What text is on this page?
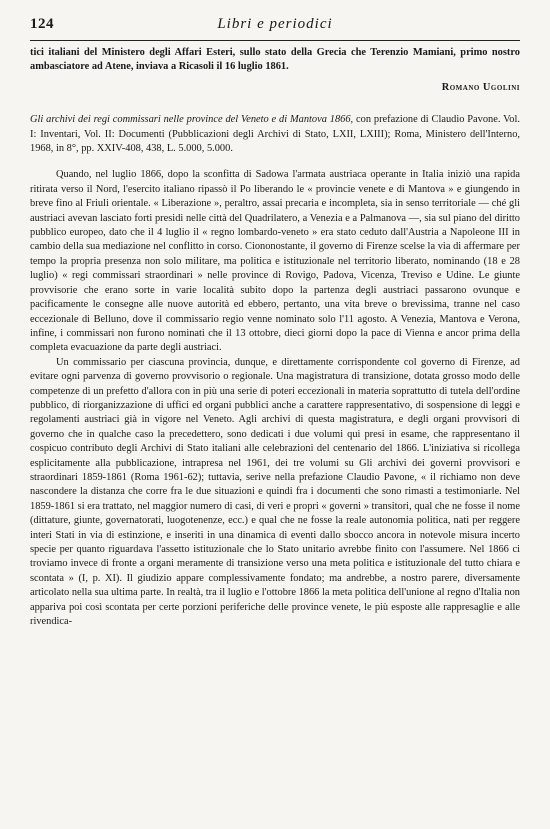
124	Libri e periodici

tici italiani del Ministero degli Affari Esteri, sullo stato della Grecia che Terenzio Mamiani, primo nostro ambasciatore ad Atene, inviava a Ricasoli il 16 luglio 1861.

Romano Ugolini

Gli archivi dei regi commissari nelle province del Veneto e di Mantova 1866, con prefazione di Claudio Pavone. Vol. I: Inventari, Vol. II: Documenti (Pubblicazioni degli Archivi di Stato, LXII, LXIII); Roma, Ministero dell'Interno, 1968, in 8°, pp. XXIV-408, 438, L. 5.000, 5.000.

Quando, nel luglio 1866, dopo la sconfitta di Sadowa l'armata austriaca operante in Italia iniziò una rapida ritirata verso il Nord, l'esercito italiano ripassò il Po liberando le « provincie venete e di Mantova » e giungendo in breve fino al Friuli orientale. « Liberazione », peraltro, assai precaria e incompleta, sia in senso territoriale — ché gli austriaci avevan lasciato forti presidi nelle città del Quadrilatero, a Venezia e a Palmanova —, sia sul piano del diritto pubblico europeo, dato che il 4 luglio il « regno lombardo-veneto » era stato ceduto dall'Austria a Napoleone III in cambio della sua mediazione nel conflitto in corso. Ciononostante, il governo di Firenze scelse la via di affermare per tempo la propria presenza non solo militare, ma politica e istituzionale nel territorio liberato, nominando (18 e 28 luglio) « regi commissari straordinari » nelle province di Rovigo, Padova, Vicenza, Treviso e Udine. Le giunte provvisorie che erano sorte in varie località subito dopo la partenza degli austriaci passarono ovunque e pacificamente le consegne alle nuove autorità ed ebbero, pertanto, una vita breve o brevissima, tranne nel caso eccezionale di Belluno, dove il commissario regio venne nominato solo l'11 agosto. A Venezia, Mantova e Verona, infine, i commissari non furono nominati che il 13 ottobre, dieci giorni dopo la pace di Vienna e ancor prima della completa evacuazione da parte degli austriaci.

Un commissario per ciascuna provincia, dunque, e direttamente corrispondente col governo di Firenze, ad evitare ogni parvenza di governo provvisorio o regionale. Una magistratura di transizione, dotata grosso modo delle competenze di un prefetto d'allora con in più una serie di poteri eccezionali in materia soprattutto di tutela dell'ordine pubblico, di riorganizzazione di uffici ed organi pubblici anche a carattere rappresentativo, di sospensione di leggi e regolamenti austriaci già in vigore nel Veneto. Agli archivi di questa magistratura, e degli organi provvisori di governo che in qualche caso la precedettero, sono dedicati i due volumi qui presi in esame, che rappresentano il cospicuo contributo degli Archivi di Stato italiani alle celebrazioni del centenario del 1866. L'iniziativa si ricollega esplicitamente alla pubblicazione, intrapresa nel 1961, dei tre volumi su Gli archivi dei governi provvisori e straordinari 1859-1861 (Roma 1961-62); tuttavia, serive nella prefazione Claudio Pavone, « il richiamo non deve nascondere la distanza che corre fra le due situazioni e quindi fra i documenti che sono rimasti a testimoniarle. Nel 1859-1861 si era trattato, nel maggior numero di casi, di veri e propri « governi » transitori, qual che ne fosse il nome (dittature, giunte, governatorati, luogotenenze, ecc.) e qual che ne fosse la reale autonomia politica, nati per reggere interi Stati in via di estinzione, e inseriti in una dinamica di eventi dallo sbocco ancora in notevole misura incerto specie per quanto riguardava l'assetto istituzionale che lo Stato unitario avrebbe finito con l'assumere. Nel 1866 ci troviamo invece di fronte a organi meramente di transizione verso una meta politica e istituzionale del tutto chiara e scontata » (I, p. XI). Il giudizio appare complessivamente fondato; ma andrebbe, a nostro parere, diversamente articolato nella sua ultima parte. In realtà, tra il luglio e l'ottobre 1866 la meta politica dell'unione al regno d'Italia non appariva poi così scontata per certe porzioni periferiche delle province venete, le più esposte alle rappresaglie e alle rivendica-
